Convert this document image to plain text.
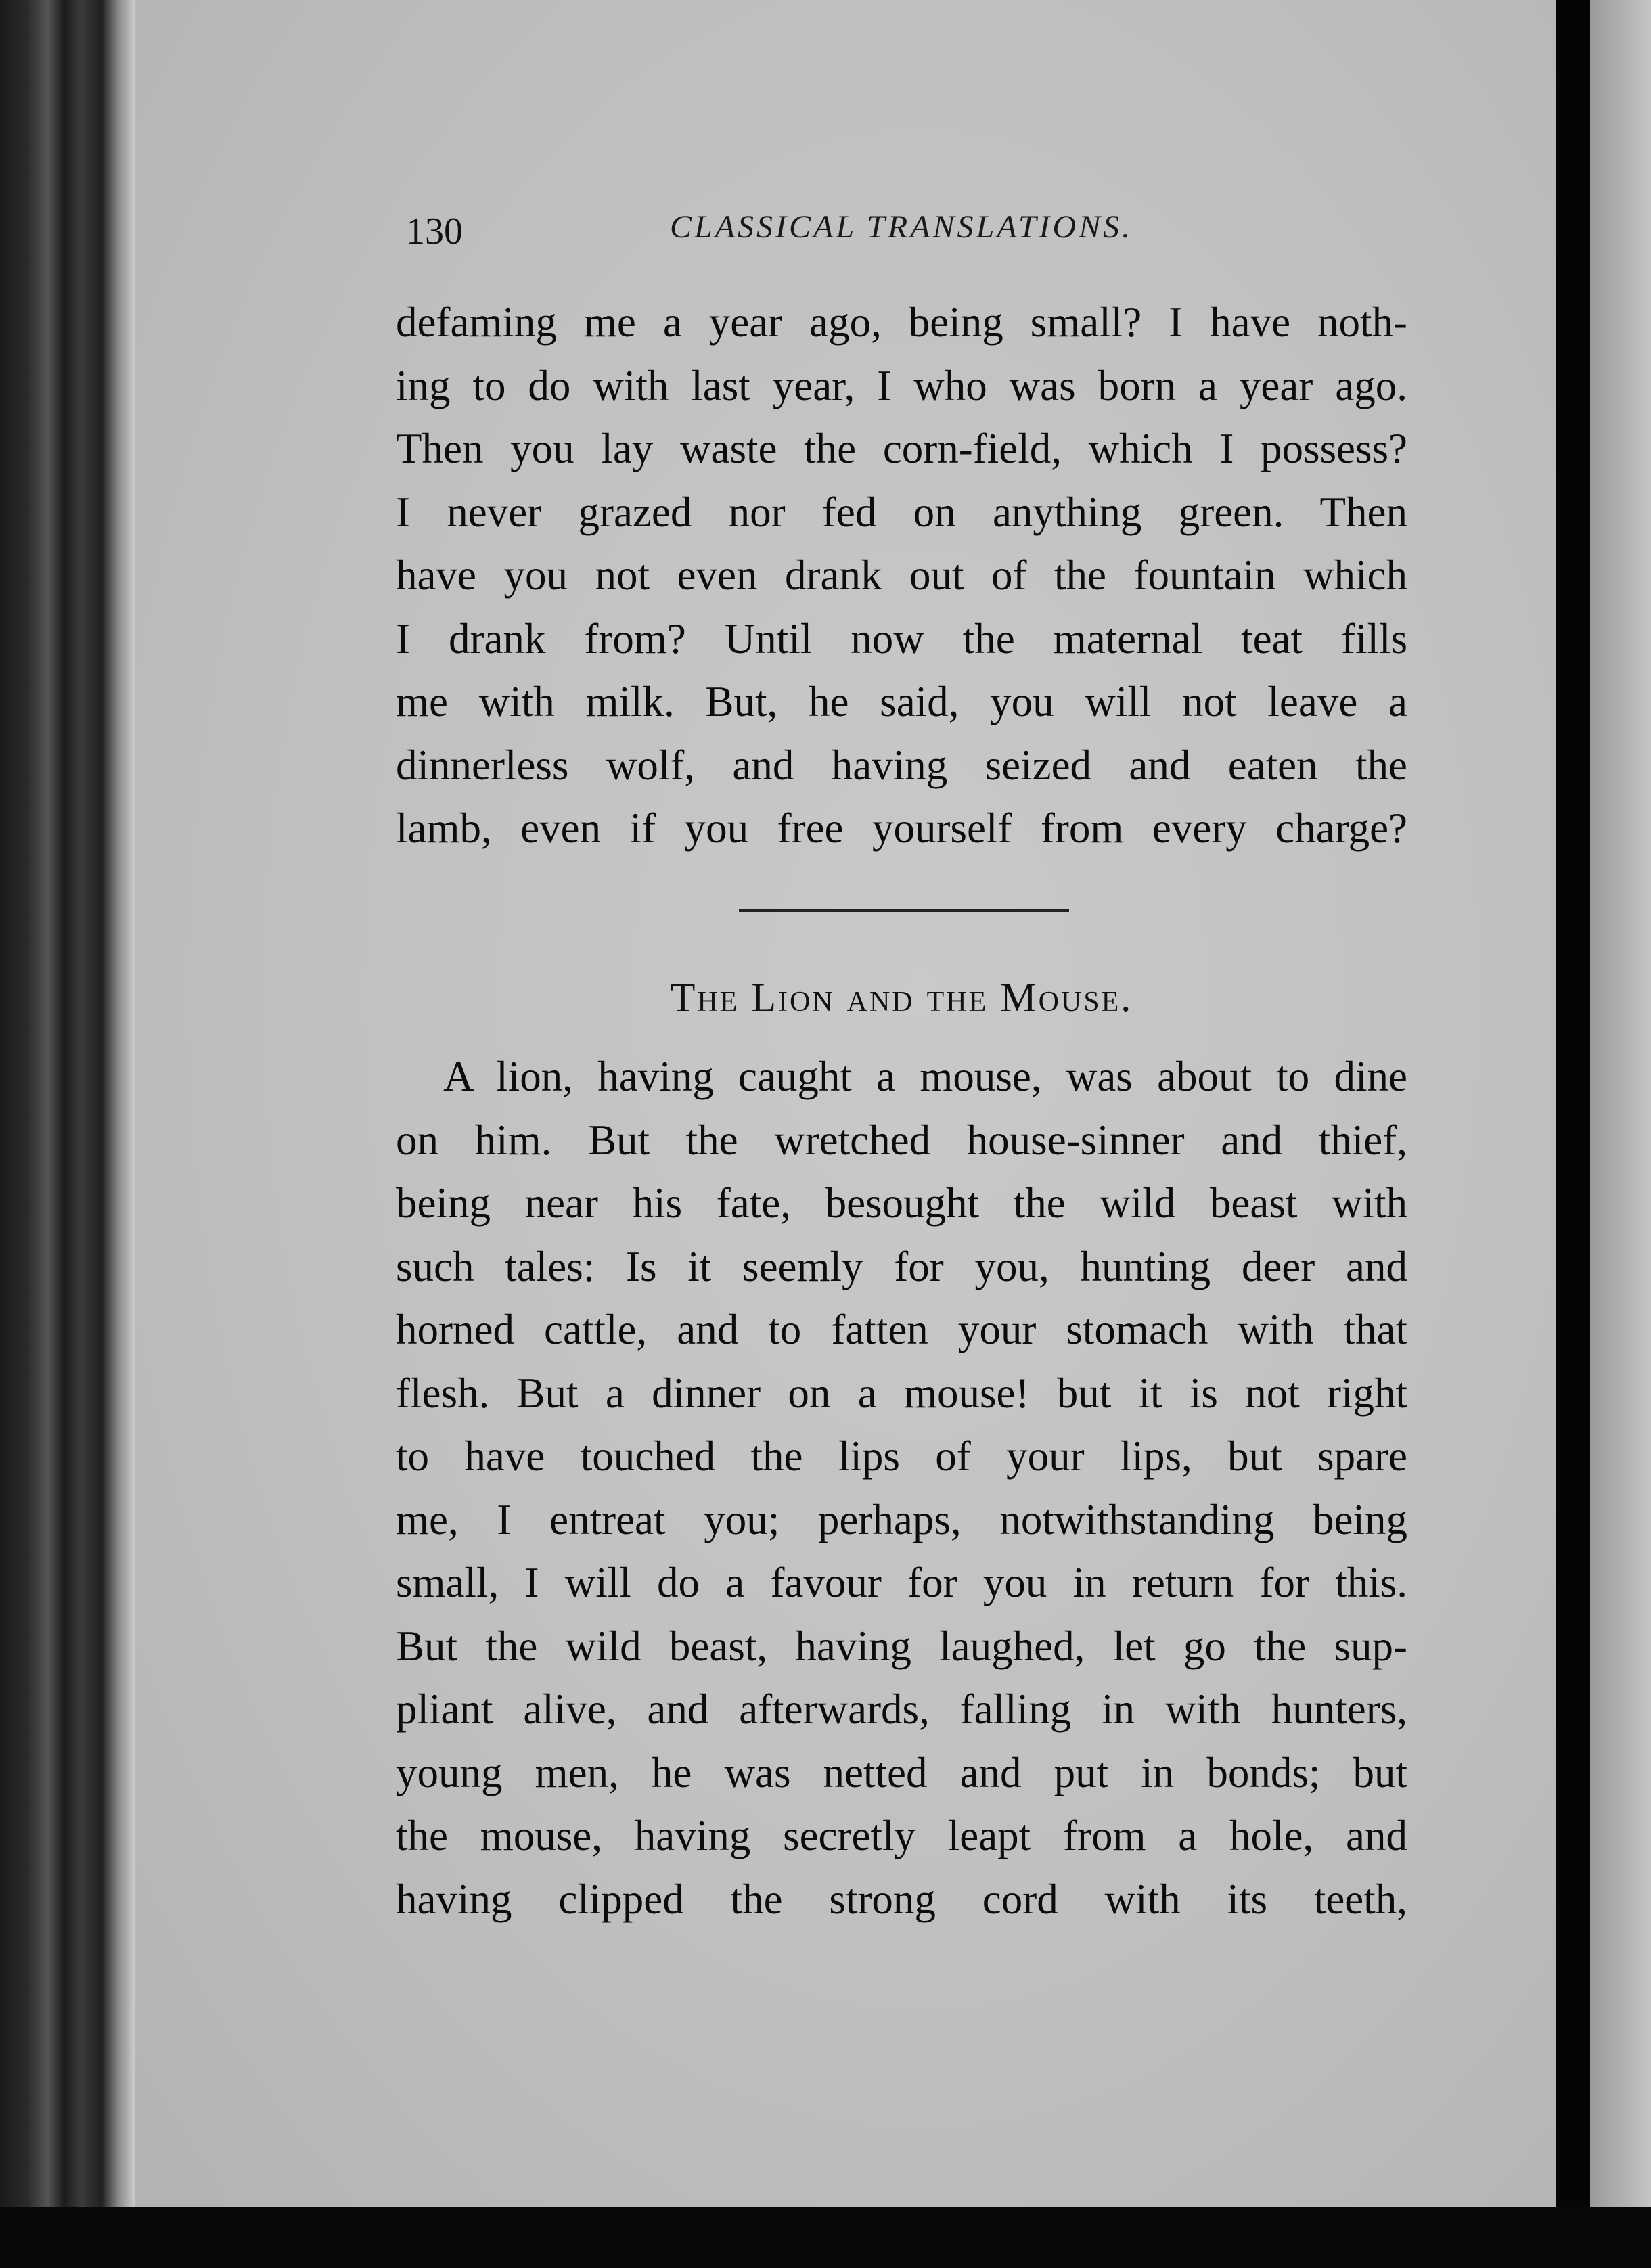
130	CLASSICAL TRANSLATIONS.
defaming me a year ago, being small? I have noth-
ing to do with last year, I who was born a year ago.
Then you lay waste the corn-field, which I possess?
I never grazed nor fed on anything green. Then
have you not even drank out of the fountain which
I drank from? Until now the maternal teat fills
me with milk. But, he said, you will not leave a
dinnerless wolf, and having seized and eaten the
lamb, even if you free yourself from every charge?
The Lion and the Mouse.
A lion, having caught a mouse, was about to dine
on him. But the wretched house-sinner and thief,
being near his fate, besought the wild beast with
such tales: Is it seemly for you, hunting deer and
horned cattle, and to fatten your stomach with that
flesh. But a dinner on a mouse! but it is not right
to have touched the lips of your lips, but spare
me, I entreat you; perhaps, notwithstanding being
small, I will do a favour for you in return for this.
But the wild beast, having laughed, let go the sup-
pliant alive, and afterwards, falling in with hunters,
young men, he was netted and put in bonds; but
the mouse, having secretly leapt from a hole, and
having clipped the strong cord with its teeth,
